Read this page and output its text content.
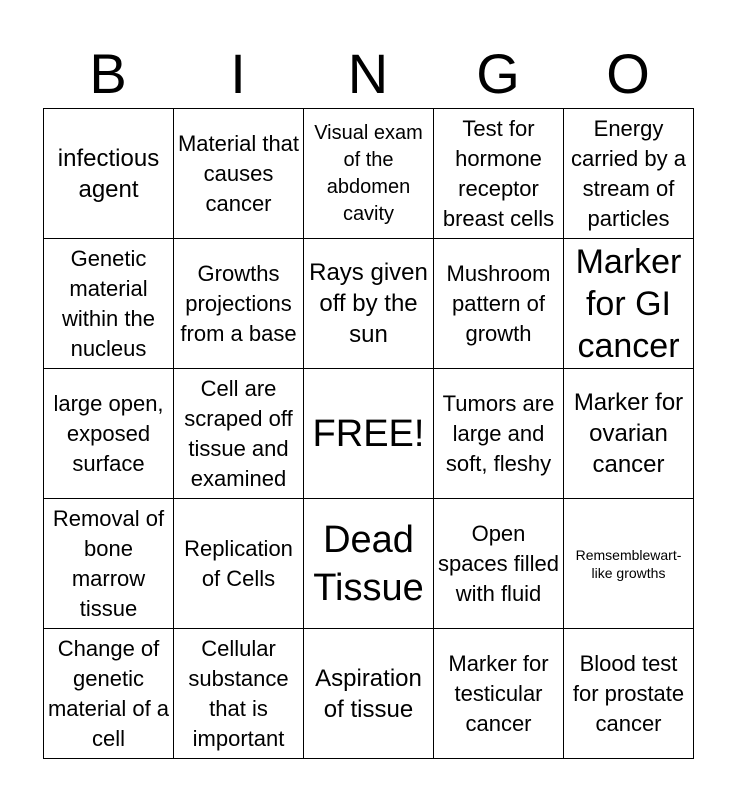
B	I	N	G	O
infectious agent	Material that causes cancer	Visual exam of the abdomen cavity	Test for hormone receptor breast cells	Energy carried by a stream of particles
Genetic material within the nucleus	Growths projections from a base	Rays given off by the sun	Mushroom pattern of growth	Marker for GI cancer
large open, exposed surface	Cell are scraped off tissue and examined	FREE!	Tumors are large and soft, fleshy	Marker for ovarian cancer
Removal of bone marrow tissue	Replication of Cells	Dead Tissue	Open spaces filled with fluid	Remsemblewart-like growths
Change of genetic material of a cell	Cellular substance that is important	Aspiration of tissue	Marker for testicular cancer	Blood test for prostate cancer
